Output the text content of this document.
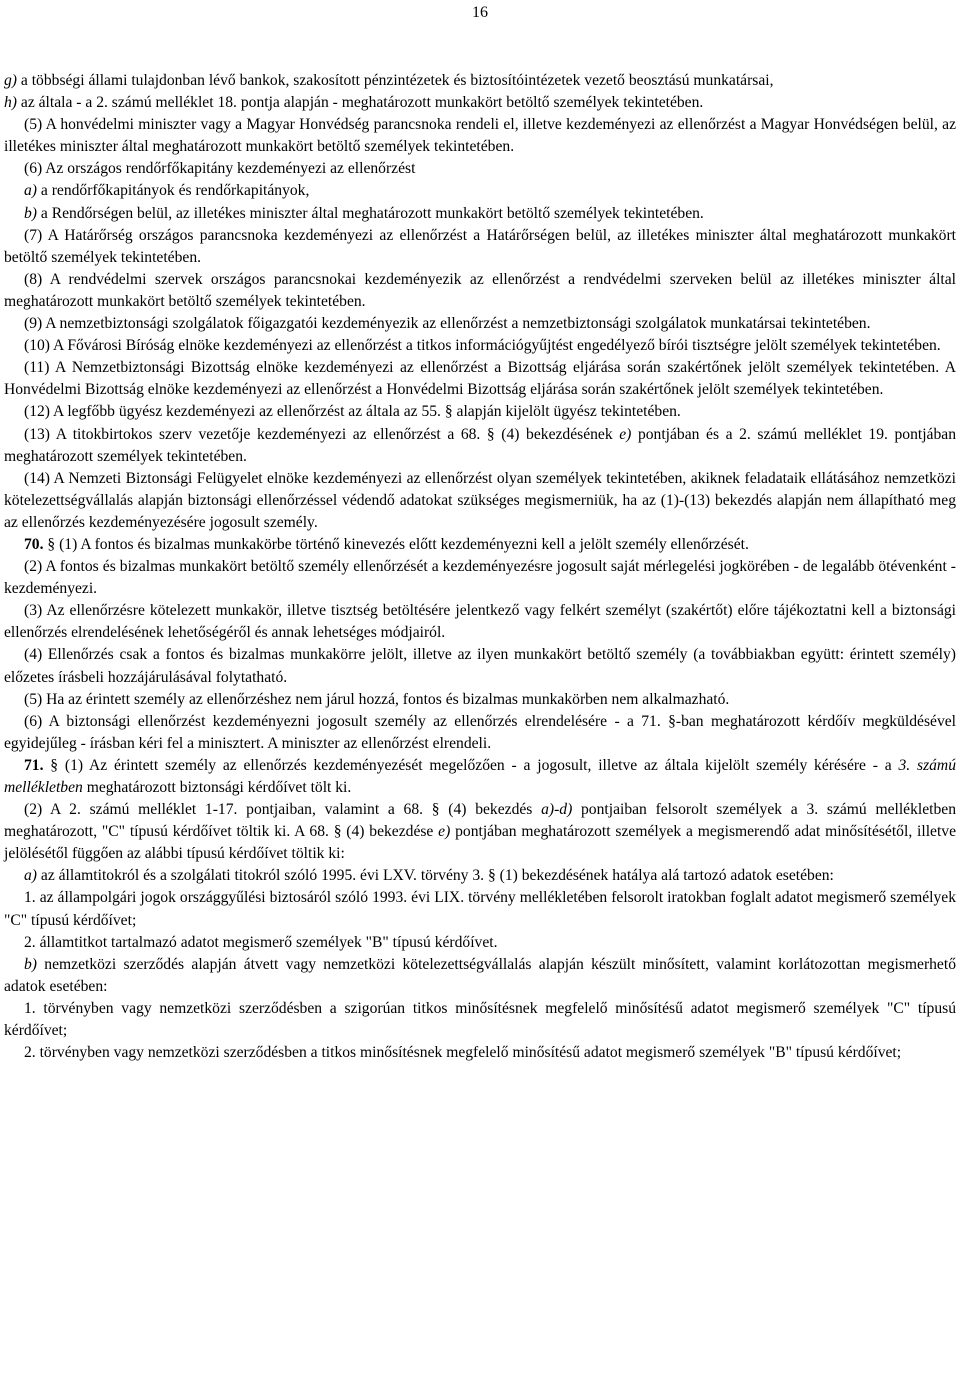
16

g) a többségi állami tulajdonban lévő bankok, szakosított pénzintézetek és biztosítóintézetek vezető beosztású munkatársai,

h) az általa - a 2. számú melléklet 18. pontja alapján - meghatározott munkakört betöltő személyek tekintetében.

(5) A honvédelmi miniszter vagy a Magyar Honvédség parancsnoka rendeli el, illetve kezdeményezi az ellenőrzést a Magyar Honvédségen belül, az illetékes miniszter által meghatározott munkakört betöltő személyek tekintetében.

(6) Az országos rendőrfőkapitány kezdeményezi az ellenőrzést

a) a rendőrfőkapitányok és rendőrkapitányok,

b) a Rendőrségen belül, az illetékes miniszter által meghatározott munkakört betöltő személyek tekintetében.

(7) A Határőrség országos parancsnoka kezdeményezi az ellenőrzést a Határőrségen belül, az illetékes miniszter által meghatározott munkakört betöltő személyek tekintetében.

(8) A rendvédelmi szervek országos parancsnokai kezdeményezik az ellenőrzést a rendvédelmi szerveken belül az illetékes miniszter által meghatározott munkakört betöltő személyek tekintetében.

(9) A nemzetbiztonsági szolgálatok főigazgatói kezdeményezik az ellenőrzést a nemzetbiztonsági szolgálatok munkatársai tekintetében.

(10) A Fővárosi Bíróság elnöke kezdeményezi az ellenőrzést a titkos információgyűjtést engedélyező bírói tisztségre jelölt személyek tekintetében.

(11) A Nemzetbiztonsági Bizottság elnöke kezdeményezi az ellenőrzést a Bizottság eljárása során szakértőnek jelölt személyek tekintetében. A Honvédelmi Bizottság elnöke kezdeményezi az ellenőrzést a Honvédelmi Bizottság eljárása során szakértőnek jelölt személyek tekintetében.

(12) A legfőbb ügyész kezdeményezi az ellenőrzést az általa az 55. § alapján kijelölt ügyész tekintetében.

(13) A titokbirtokos szerv vezetője kezdeményezi az ellenőrzést a 68. § (4) bekezdésének e) pontjában és a 2. számú melléklet 19. pontjában meghatározott személyek tekintetében.

(14) A Nemzeti Biztonsági Felügyelet elnöke kezdeményezi az ellenőrzést olyan személyek tekintetében, akiknek feladataik ellátásához nemzetközi kötelezettségvállalás alapján biztonsági ellenőrzéssel védendő adatokat szükséges megismerniük, ha az (1)-(13) bekezdés alapján nem állapítható meg az ellenőrzés kezdeményezésére jogosult személy.

70. § (1) A fontos és bizalmas munkakörbe történő kinevezés előtt kezdeményezni kell a jelölt személy ellenőrzését.

(2) A fontos és bizalmas munkakört betöltő személy ellenőrzését a kezdeményezésre jogosult saját mérlegelési jogkörében - de legalább ötévenként - kezdeményezi.

(3) Az ellenőrzésre kötelezett munkakör, illetve tisztség betöltésére jelentkező vagy felkért személyt (szakértőt) előre tájékoztatni kell a biztonsági ellenőrzés elrendelésének lehetőségéről és annak lehetséges módjairól.

(4) Ellenőrzés csak a fontos és bizalmas munkakörre jelölt, illetve az ilyen munkakört betöltő személy (a továbbiakban együtt: érintett személy) előzetes írásbeli hozzájárulásával folytatható.

(5) Ha az érintett személy az ellenőrzéshez nem járul hozzá, fontos és bizalmas munkakörben nem alkalmazható.

(6) A biztonsági ellenőrzést kezdeményezni jogosult személy az ellenőrzés elrendelésére - a 71. §-ban meghatározott kérdőív megküldésével egyidejűleg - írásban kéri fel a minisztert. A miniszter az ellenőrzést elrendeli.

71. § (1) Az érintett személy az ellenőrzés kezdeményezését megelőzően - a jogosult, illetve az általa kijelölt személy kérésére - a 3. számú mellékletben meghatározott biztonsági kérdőívet tölt ki.

(2) A 2. számú melléklet 1-17. pontjaiban, valamint a 68. § (4) bekezdés a)-d) pontjaiban felsorolt személyek a 3. számú mellékletben meghatározott, "C" típusú kérdőívet töltik ki. A 68. § (4) bekezdése e) pontjában meghatározott személyek a megismerendő adat minősítésétől, illetve jelölésétől függően az alábbi típusú kérdőívet töltik ki:

a) az államtitokról és a szolgálati titokról szóló 1995. évi LXV. törvény 3. § (1) bekezdésének hatálya alá tartozó adatok esetében:

1. az állampolgári jogok országgyűlési biztosáról szóló 1993. évi LIX. törvény mellékletében felsorolt iratokban foglalt adatot megismerő személyek "C" típusú kérdőívet;

2. államtitkot tartalmazó adatot megismerő személyek "B" típusú kérdőívet.

b) nemzetközi szerződés alapján átvett vagy nemzetközi kötelezettségvállalás alapján készült minősített, valamint korlátozottan megismerhető adatok esetében:

1. törvényben vagy nemzetközi szerződésben a szigorúan titkos minősítésnek megfelelő minősítésű adatot megismerő személyek "C" típusú kérdőívet;

2. törvényben vagy nemzetközi szerződésben a titkos minősítésnek megfelelő minősítésű adatot megismerő személyek "B" típusú kérdőívet;
